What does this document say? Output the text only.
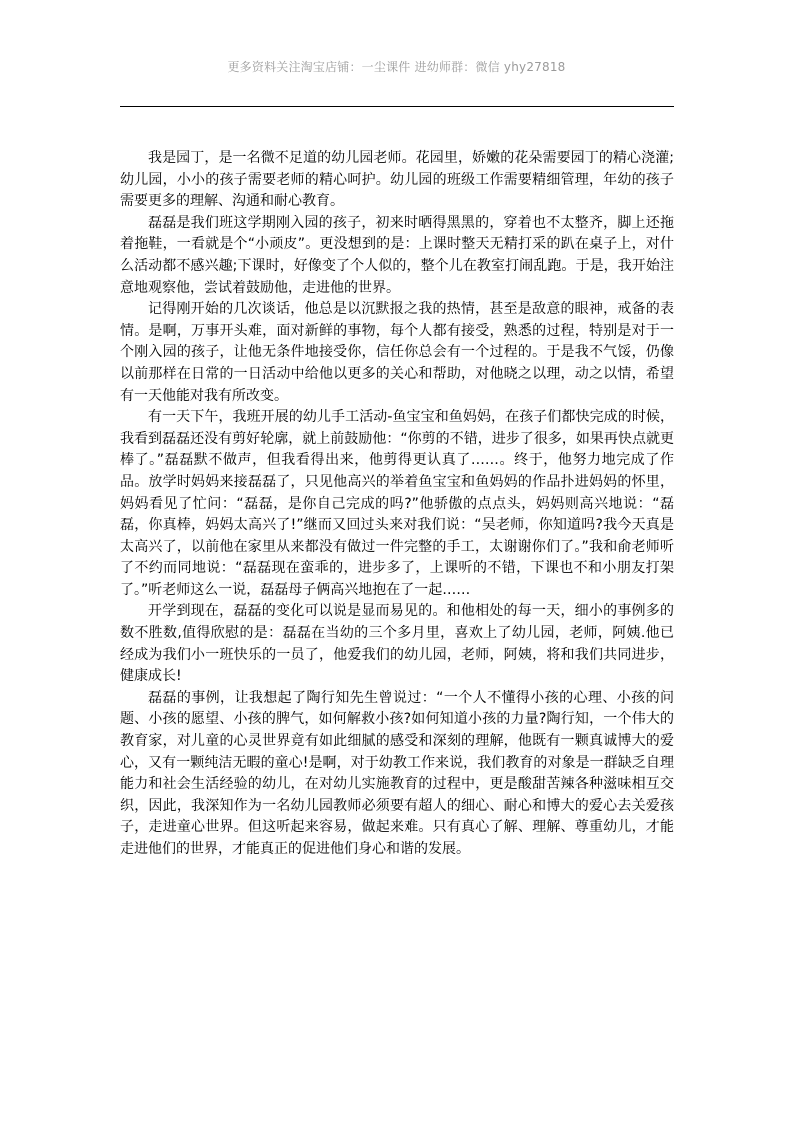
更多资料关注淘宝店铺：一尘课件 进幼师群：微信 yhy27818

我是园丁，是一名微不足道的幼儿园老师。花园里，娇嫩的花朵需要园丁的精心浇灌;幼儿园，小小的孩子需要老师的精心呵护。幼儿园的班级工作需要精细管理，年幼的孩子需要更多的理解、沟通和耐心教育。

磊磊是我们班这学期刚入园的孩子，初来时晒得黑黑的，穿着也不太整齐，脚上还拖着拖鞋，一看就是个“小顽皮”。更没想到的是：上课时整天无精打采的趴在桌子上，对什么活动都不感兴趣;下课时，好像变了个人似的，整个儿在教室打闹乱跑。于是，我开始注意地观察他，尝试着鼓励他，走进他的世界。

记得刚开始的几次谈话，他总是以沉默报之我的热情，甚至是敌意的眼神，戒备的表情。是啊，万事开头难，面对新鲜的事物，每个人都有接受，熟悉的过程，特别是对于一个刚入园的孩子，让他无条件地接受你，信任你总会有一个过程的。于是我不气馁，仍像以前那样在日常的一日活动中给他以更多的关心和帮助，对他晓之以理，动之以情，希望有一天他能对我有所改变。

有一天下午，我班开展的幼儿手工活动-鱼宝宝和鱼妈妈，在孩子们都快完成的时候，我看到磊磊还没有剪好轮廓，就上前鼓励他：“你剪的不错，进步了很多，如果再快点就更棒了。”磊磊默不做声，但我看得出来，他剪得更认真了……。终于，他努力地完成了作品。放学时妈妈来接磊磊了，只见他高兴的举着鱼宝宝和鱼妈妈的作品扑进妈妈的怀里，妈妈看见了忙问：“磊磊，是你自己完成的吗?”他骄傲的点点头，妈妈则高兴地说：“磊磊，你真棒，妈妈太高兴了!”继而又回过头来对我们说：“吴老师，你知道吗?我今天真是太高兴了，以前他在家里从来都没有做过一件完整的手工，太谢谢你们了。”我和俞老师听了不约而同地说：“磊磊现在蛮乖的，进步多了，上课听的不错，下课也不和小朋友打架了。”听老师这么一说，磊磊母子俩高兴地抱在了一起……

开学到现在，磊磊的变化可以说是显而易见的。和他相处的每一天，细小的事例多的数不胜数,值得欣慰的是：磊磊在当幼的三个多月里，喜欢上了幼儿园，老师，阿姨.他已经成为我们小一班快乐的一员了，他爱我们的幼儿园，老师，阿姨，将和我们共同进步，健康成长!

磊磊的事例，让我想起了陶行知先生曾说过：“一个人不懂得小孩的心理、小孩的问题、小孩的愿望、小孩的脾气，如何解救小孩?如何知道小孩的力量?陶行知，一个伟大的教育家，对儿童的心灵世界竟有如此细腻的感受和深刻的理解，他既有一颗真诚博大的爱心，又有一颗纯洁无暇的童心!是啊，对于幼教工作来说，我们教育的对象是一群缺乏自理能力和社会生活经验的幼儿，在对幼儿实施教育的过程中，更是酸甜苦辣各种滋味相互交织，因此，我深知作为一名幼儿园教师必须要有超人的细心、耐心和博大的爱心去关爱孩子，走进童心世界。但这听起来容易，做起来难。只有真心了解、理解、尊重幼儿，才能走进他们的世界，才能真正的促进他们身心和谐的发展。
